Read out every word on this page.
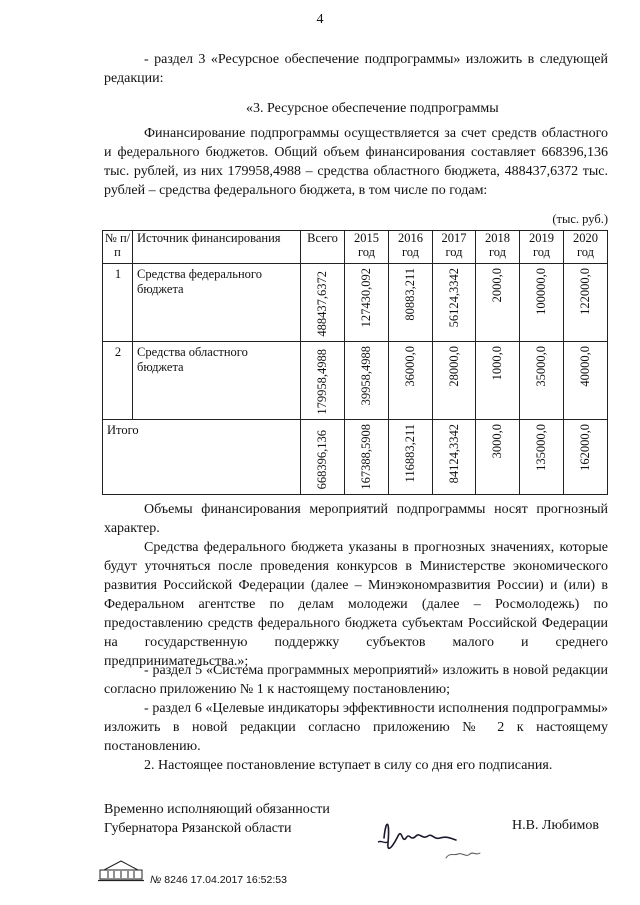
4
- раздел 3 «Ресурсное обеспечение подпрограммы» изложить в следующей редакции:
«3. Ресурсное обеспечение подпрограммы
Финансирование подпрограммы осуществляется за счет средств областного и федерального бюджетов. Общий объем финансирования составляет 668396,136 тыс. рублей, из них 179958,4988 – средства областного бюджета, 488437,6372 тыс. рублей – средства федерального бюджета, в том числе по годам:
(тыс. руб.)
№ п/п	Источник финансирования	Всего	2015 год	2016 год	2017 год	2018 год	2019 год	2020 год
1	Средства федерального бюджета	488437,6372	127430,092	80883,211	56124,3342	2000,0	100000,0	122000,0

2	Средства областного бюджета	179958,4988	39958,4988	36000,0	28000,0	1000,0	35000,0	40000,0

Итого		668396,136	167388,5908	116883,211	84124,3342	3000,0	135000,0	162000,0
Объемы финансирования мероприятий подпрограммы носят прогнозный характер.
Средства федерального бюджета указаны в прогнозных значениях, которые будут уточняться после проведения конкурсов в Министерстве экономического развития Российской Федерации (далее – Минэкономразвития России) и (или) в Федеральном агентстве по делам молодежи (далее – Росмолодежь) по предоставлению средств федерального бюджета субъектам Российской Федерации на государственную поддержку субъектов малого и среднего предпринимательства.»;
- раздел 5 «Система программных мероприятий» изложить в новой редакции согласно приложению № 1 к настоящему постановлению;
- раздел 6 «Целевые индикаторы эффективности исполнения подпрограммы» изложить в новой редакции согласно приложению № 2 к настоящему постановлению.
2. Настоящее постановление вступает в силу со дня его подписания.
Временно исполняющий обязанности
Губернатора Рязанской области	Н.В. Любимов
№ 8246 17.04.2017 16:52:53
